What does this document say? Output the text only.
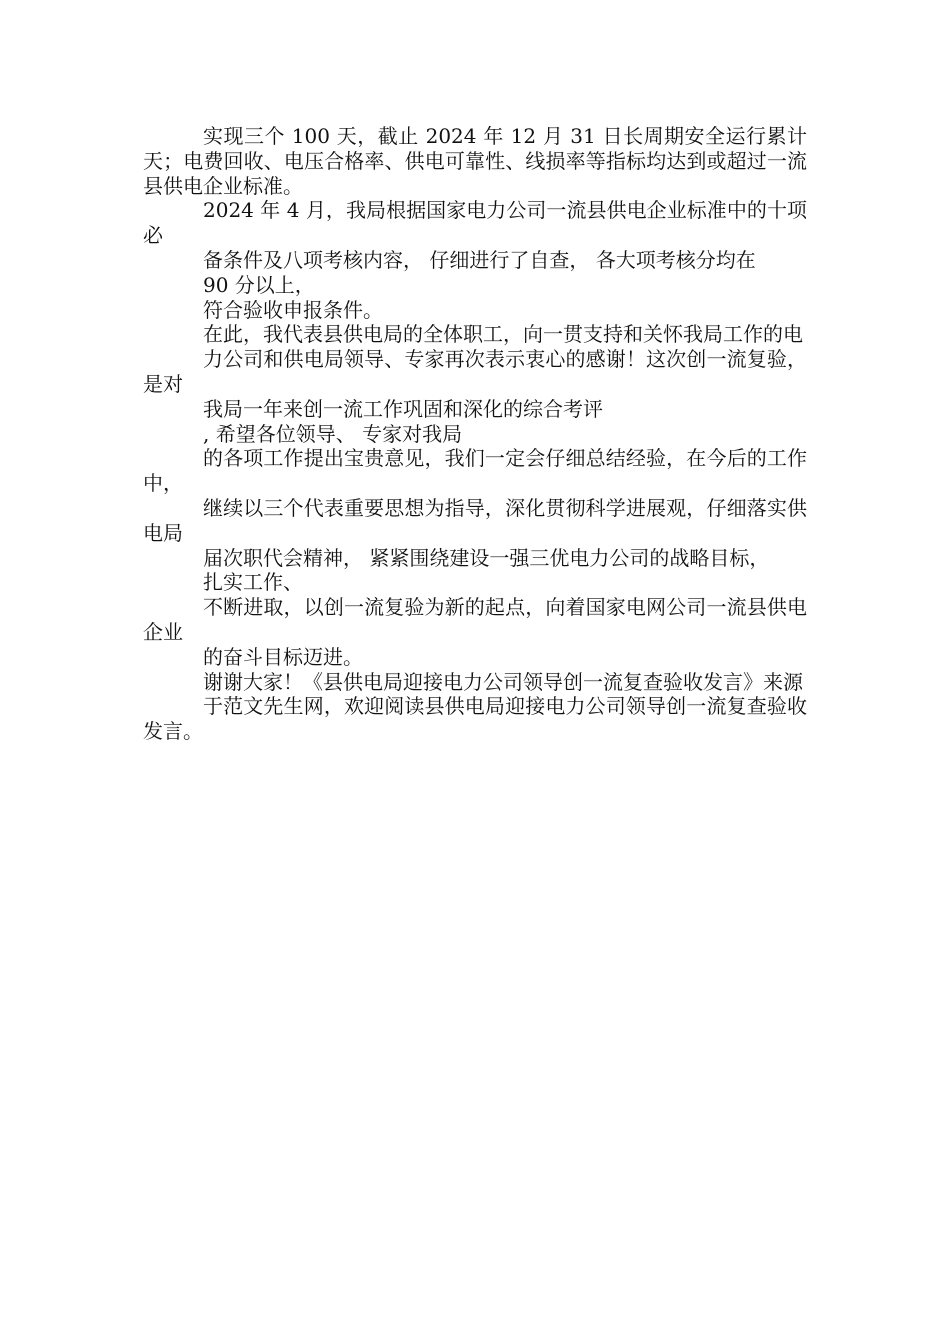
实现三个 100 天，截止 2024 年 12 月 31 日长周期安全运行累计天；电费回收、电压合格率、供电可靠性、线损率等指标均达到或超过一流县供电企业标准。

2024 年 4 月，我局根据国家电力公司一流县供电企业标准中的十项必

备条件及八项考核内容， 仔细进行了自查， 各大项考核分均在

90 分以上，

符合验收申报条件。

在此，我代表县供电局的全体职工，向一贯支持和关怀我局工作的电

力公司和供电局领导、专家再次表示衷心的感谢！这次创一流复验，是对

我局一年来创一流工作巩固和深化的综合考评

, 希望各位领导、 专家对我局

的各项工作提出宝贵意见，我们一定会仔细总结经验，在今后的工作中，

继续以三个代表重要思想为指导，深化贯彻科学进展观，仔细落实供电局

届次职代会精神， 紧紧围绕建设一强三优电力公司的战略目标，

扎实工作、

不断进取，以创一流复验为新的起点，向着国家电网公司一流县供电企业

的奋斗目标迈进。

谢谢大家！《县供电局迎接电力公司领导创一流复查验收发言》来源

于范文先生网，欢迎阅读县供电局迎接电力公司领导创一流复查验收发言。
